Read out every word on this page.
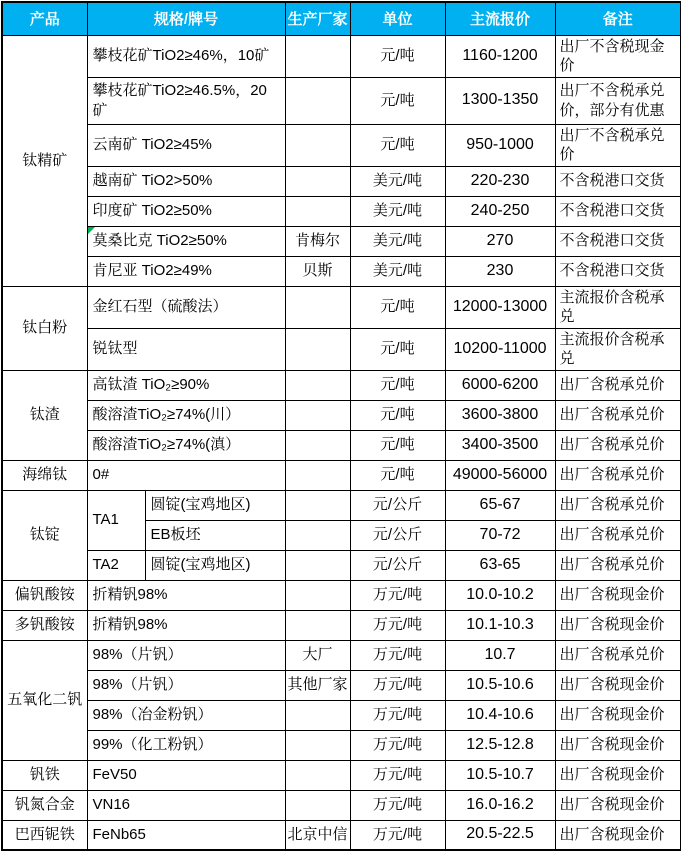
产品	规格/牌号		生产厂家	单位	主流报价	备注
钛精矿	攀枝花矿TiO2≥46%，10矿			元/吨	1160-1200	出厂不含税现金价
	攀枝花矿TiO2≥46.5%，20矿			元/吨	1300-1350	出厂不含税承兑价，部分有优惠
	云南矿 TiO2≥45%			元/吨	950-1000	出厂不含税承兑价
	越南矿 TiO2>50%			美元/吨	220-230	不含税港口交货
	印度矿 TiO2≥50%			美元/吨	240-250	不含税港口交货
	莫桑比克 TiO2≥50%		肯梅尔	美元/吨	270	不含税港口交货
	肯尼亚 TiO2≥49%		贝斯	美元/吨	230	不含税港口交货
钛白粉	金红石型（硫酸法）			元/吨	12000-13000	主流报价含税承兑
	锐钛型			元/吨	10200-11000	主流报价含税承兑
钛渣	高钛渣 TiO₂≥90%			元/吨	6000-6200	出厂含税承兑价
	酸溶渣TiO₂≥74%(川）			元/吨	3600-3800	出厂含税承兑价
	酸溶渣TiO₂≥74%(滇）			元/吨	3400-3500	出厂含税承兑价
海绵钛	0#			元/吨	49000-56000	出厂含税承兑价
钛锭	TA1	圆锭(宝鸡地区)		元/公斤	65-67	出厂含税承兑价
		EB板坯		元/公斤	70-72	出厂含税承兑价
	TA2	圆锭(宝鸡地区)		元/公斤	63-65	出厂含税承兑价
偏钒酸铵	折精钒98%			万元/吨	10.0-10.2	出厂含税现金价
多钒酸铵	折精钒98%			万元/吨	10.1-10.3	出厂含税现金价
五氧化二钒	98%（片钒）		大厂	万元/吨	10.7	出厂含税承兑价
	98%（片钒）		其他厂家	万元/吨	10.5-10.6	出厂含税现金价
	98%（冶金粉钒）			万元/吨	10.4-10.6	出厂含税现金价
	99%（化工粉钒）			万元/吨	12.5-12.8	出厂含税现金价
钒铁	FeV50			万元/吨	10.5-10.7	出厂含税现金价
钒氮合金	VN16			万元/吨	16.0-16.2	出厂含税现金价
巴西铌铁	FeNb65		北京中信	万元/吨	20.5-22.5	出厂含税现金价
